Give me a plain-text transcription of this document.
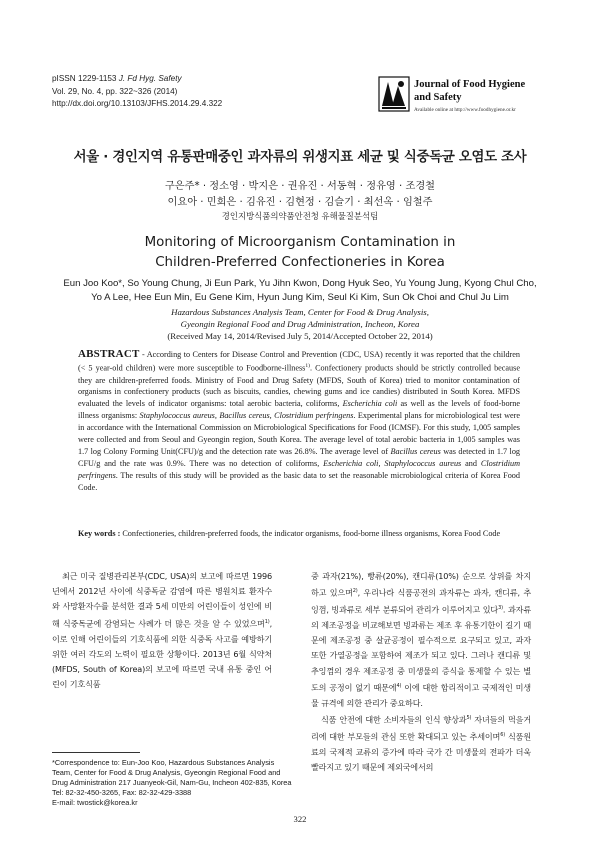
pISSN 1229-1153 J. Fd Hyg. Safety
Vol. 29, No. 4, pp. 322~326 (2014)
http://dx.doi.org/10.13103/JFHS.2014.29.4.322
Journal of Food Hygiene
and Safety
Available online at http://www.foodhygiene.or.kr
서울 · 경인지역 유통판매중인 과자류의 위생지표 세균 및 식중독균 오염도 조사
구은주* · 정소영 · 박지은 · 권유진 · 서동혁 · 정유영 · 조경철
이요아 · 민희은 · 김유진 · 김현정 · 김슬기 · 최선옥 · 임철주
경인지방식품의약품안전청 유해물질분석팀
Monitoring of Microorganism Contamination in
Children-Preferred Confectioneries in Korea
Eun Joo Koo*, So Young Chung, Ji Eun Park, Yu Jihn Kwon, Dong Hyuk Seo, Yu Young Jung, Kyong Chul Cho,
Yo A Lee, Hee Eun Min, Eu Gene Kim, Hyun Jung Kim, Seul Ki Kim, Sun Ok Choi and Chul Ju Lim
Hazardous Substances Analysis Team, Center for Food & Drug Analysis,
Gyeongin Regional Food and Drug Administration, Incheon, Korea
(Received May 14, 2014/Revised July 5, 2014/Accepted October 22, 2014)
ABSTRACT - According to Centers for Disease Control and Prevention (CDC, USA) recently it was reported that the children (< 5 year-old children) were more susceptible to Foodborne-illness$^{1)}$. Confectionery products should be strictly controlled because they are children-preferred foods. Ministry of Food and Drug Safety (MFDS, South of Korea) tried to monitor contamination of organisms in confectionery products (such as biscuits, candies, chewing gums and ice candies) distributed in South Korea. MFDS evaluated the levels of indicator organisms: total aerobic bacteria, coliforms, Escherichia coli as well as the levels of food-borne illness organisms: Staphylococcus aureus, Bacillus cereus, Clostridium perfringens. Experimental plans for microbiological test were in accordance with the International Commission on Microbiological Specifications for Food (ICMSF). For this study, 1,005 samples were collected and from Seoul and Gyeongin region, South Korea. The average level of total aerobic bacteria in 1,005 samples was 1.7 log Colony Forming Unit(CFU)/g and the detection rate was 26.8%. The average level of Bacillus cereus was detected in 1.7 log CFU/g and the rate was 0.9%. There was no detection of coliforms, Escherichia coli, Staphylococcus aureus and Clostridium perfringens. The results of this study will be provided as the basic data to set the reasonable microbiological criteria of Korea Food Code.
Key words : Confectioneries, children-preferred foods, the indicator organisms, food-borne illness organisms, Korea Food Code

최근 미국 질병관리본부(CDC, USA)의 보고에 따르면 1996년에서 2012년 사이에 식중독균 감염에 따른 병원치료 환자수와 사망환자수를 분석한 결과 5세 미만의 어린이들이 성인에 비해 식중독균에 감염되는 사례가 더 많은 것을 알 수 있었으며$^{1)}$, 이로 인해 어린이들의 기호식품에 의한 식중독 사고를 예방하기 위한 여러 각도의 노력이 필요한 상황이다. 2013년 6월 식약처(MFDS, South of Korea)의 보고에 따르면 국내 유통 중인 어린이 기호식품

중 과자(21%), 빵류(20%), 캔디류(10%) 순으로 상위를 차지하고 있으며$^{2)}$, 우리나라 식품공전의 과자류는 과자, 캔디류, 추잉껌, 빙과류로 세부 분류되어 관리가 이루어지고 있다$^{3)}$. 과자류의 제조공정을 비교해보면 빙과류는 제조 후 유통기한이 길기 때문에 제조공정 중 살균공정이 필수적으로 요구되고 있고, 과자 또한 가열공정을 포함하여 제조가 되고 있다. 그러나 캔디류 및 추잉껌의 경우 제조공정 중 미생물의 증식을 통제할 수 있는 별도의 공정이 없기 때문에$^{4)}$ 이에 대한 합리적이고 국제적인 미생물 규격에 의한 관리가 중요하다.

식품 안전에 대한 소비자들의 인식 향상과$^{5)}$ 자녀들의 먹을거리에 대한 부모들의 관심 또한 확대되고 있는 추세이며$^{6)}$ 식품원료의 국제적 교류의 증가에 따라 국가 간 미생물의 전파가 더욱 빨라지고 있기 때문에 제외국에서의

*Correspondence to: Eun-Joo Koo, Hazardous Substances Analysis Team, Center for Food & Drug Analysis, Gyeongin Regional Food and Drug Administration 217 Juanyeok-Gil, Nam-Gu, Incheon 402-835, Korea
Tel: 82-32-450-3265, Fax: 82-32-429-3388
E-mail: twostick@korea.kr
322
